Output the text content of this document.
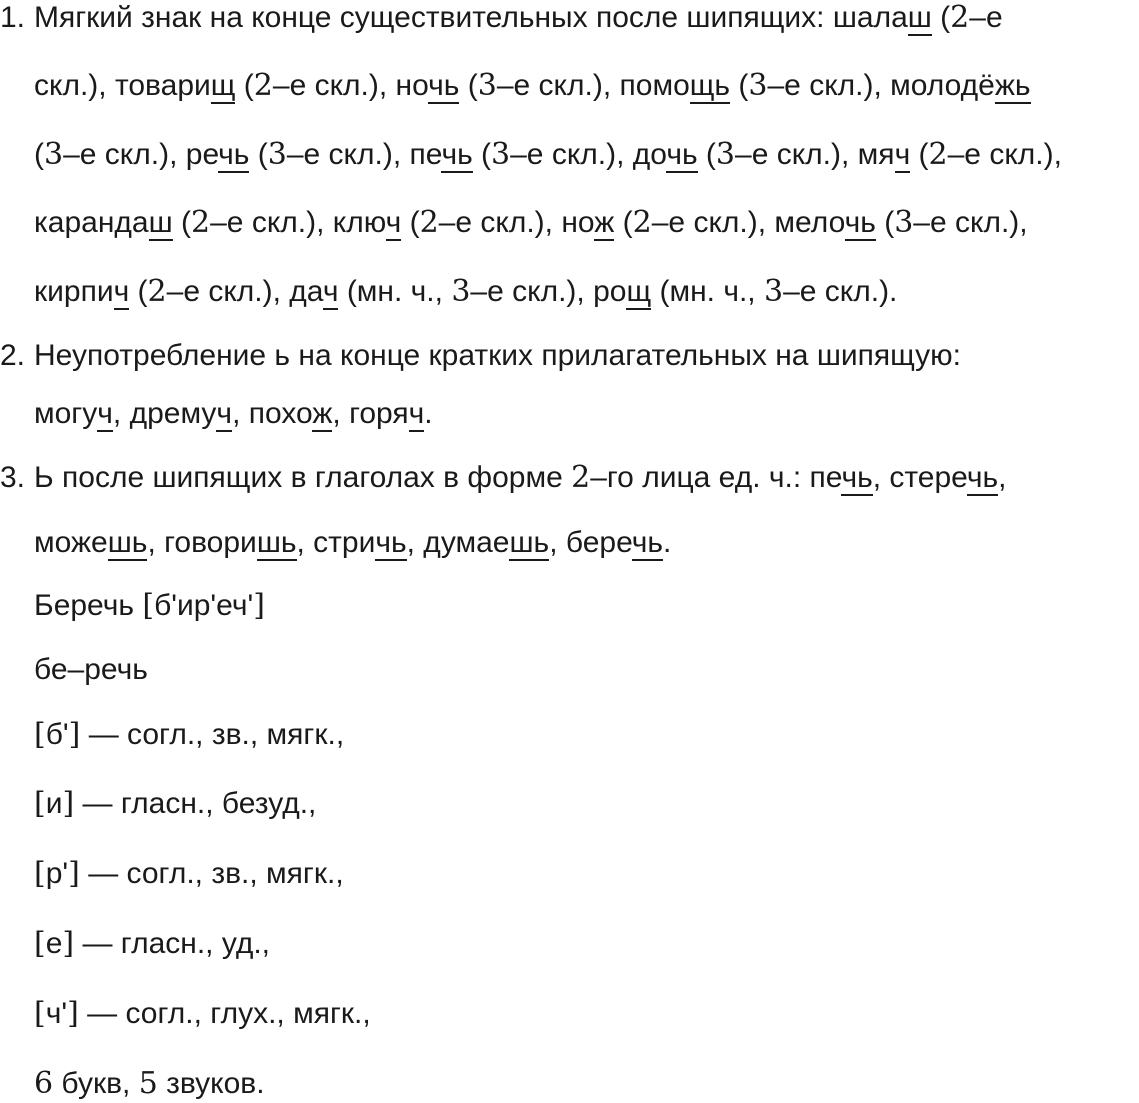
1. Мягкий знак на конце существительных после шипящих: шалаш (2–е
скл.), товарищ (2–е скл.), ночь (3–е скл.), помощь (3–е скл.), молодёжь
(3–е скл.), речь (3–е скл.), печь (3–е скл.), дочь (3–е скл.), мяч (2–е скл.),
карандаш (2–е скл.), ключ (2–е скл.), нож (2–е скл.), мелочь (3–е скл.),
кирпич (2–е скл.), дач (мн. ч., 3–е скл.), рощ (мн. ч., 3–е скл.).
2. Неупотребление ь на конце кратких прилагательных на шипящую:
могуч, дремуч, похож, горяч.
3. Ь после шипящих в глаголах в форме 2–го лица ед. ч.: печь, стеречь,
можешь, говоришь, стричь, думаешь, беречь.
Беречь [б'ир'еч']
бе–речь
[б'] — согл., зв., мягк.,
[и] — гласн., безуд.,
[р'] — согл., зв., мягк.,
[е] — гласн., уд.,
[ч'] — согл., глух., мягк.,
6 букв, 5 звуков.
